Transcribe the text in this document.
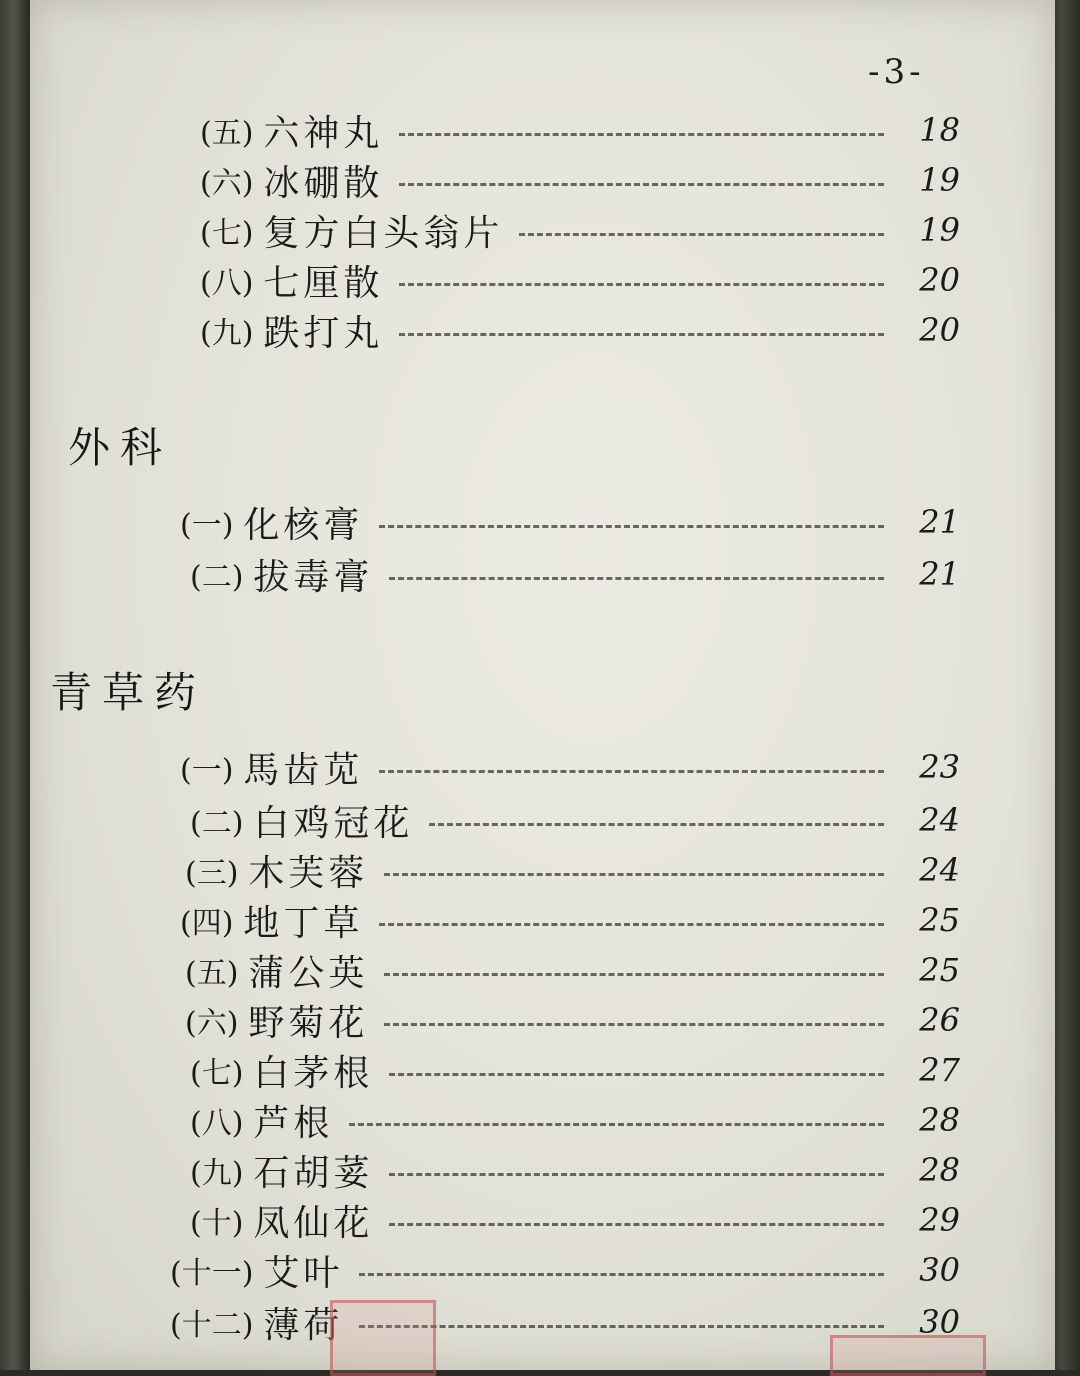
-3-
(五) 六神丸	18
(六) 冰硼散	19
(七) 复方白头翁片	19
(八) 七厘散	20
(九) 跌打丸	20
外科
(一) 化核膏	21
(二) 拔毒膏	21
青草药
(一) 馬齿苋	23
(二) 白鸡冠花	24
(三) 木芙蓉	24
(四) 地丁草	25
(五) 蒲公英	25
(六) 野菊花	26
(七) 白茅根	27
(八) 芦根	28
(九) 石胡荽	28
(十) 凤仙花	29
(十一) 艾叶	30
(十二) 薄荷	30
